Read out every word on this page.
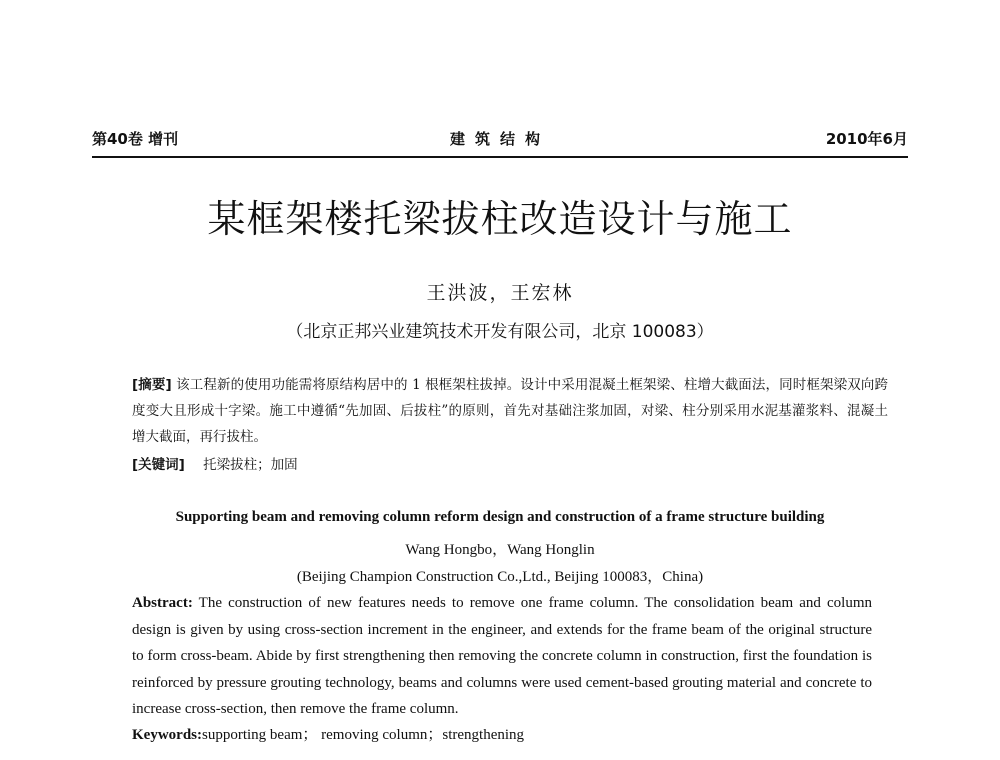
第40卷 增刊	建筑结构	2010年6月
某框架楼托梁拔柱改造设计与施工
王洪波，王宏林
（北京正邦兴业建筑技术开发有限公司，北京 100083）
[摘要] 该工程新的使用功能需将原结构居中的 1 根框架柱拔掉。设计中采用混凝土框架梁、柱增大截面法，同时框架梁双向跨度变大且形成十字梁。施工中遵循“先加固、后拔柱”的原则，首先对基础注浆加固，对梁、柱分别采用水泥基灌浆料、混凝土增大截面，再行拔柱。
[关键词] 托梁拔柱；加固
Supporting beam and removing column reform design and construction of a frame structure building
Wang Hongbo，Wang Honglin
(Beijing Champion Construction Co.,Ltd., Beijing 100083，China)
Abstract: The construction of new features needs to remove one frame column. The consolidation beam and column design is given by using cross-section increment in the engineer, and extends for the frame beam of the original structure to form cross-beam. Abide by first strengthening then removing the concrete column in construction, first the foundation is reinforced by pressure grouting technology, beams and columns were used cement-based grouting material and concrete to increase cross-section, then remove the frame column.
Keywords:supporting beam； removing column；strengthening
